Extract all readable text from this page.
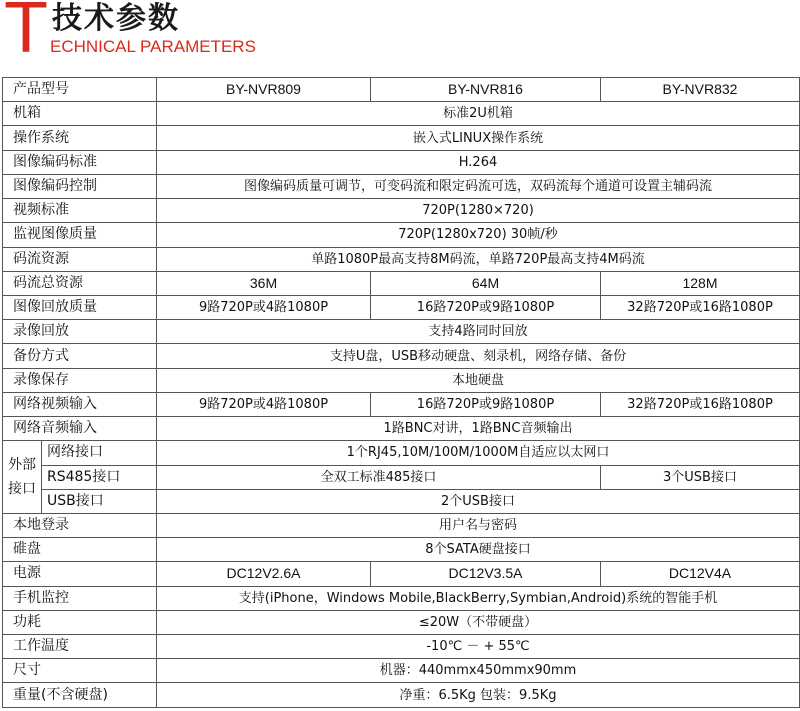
T 技术参数
ECHNICAL PARAMETERS
产品型号		BY-NVR809	BY-NVR816	BY-NVR832
机箱		标准2U机箱		
操作系统		嵌入式LINUX操作系统		
图像编码标准		H.264		
图像编码控制		图像编码质量可调节，可变码流和限定码流可选，双码流每个通道可设置主辅码流		
视频标准		720P(1280×720)		
监视图像质量		720P(1280x720) 30帧/秒		
码流资源		单路1080P最高支持8M码流，单路720P最高支持4M码流		
码流总资源		36M	64M	128M
图像回放质量		9路720P或4路1080P	16路720P或9路1080P	32路720P或16路1080P
录像回放		支持4路同时回放		
备份方式		支持U盘，USB移动硬盘、刻录机，网络存储、备份		
录像保存		本地硬盘		
网络视频输入		9路720P或4路1080P	16路720P或9路1080P	32路720P或16路1080P
网络音频输入		1路BNC对讲，1路BNC音频输出		
外部接口	网络接口	1个RJ45,10M/100M/1000M自适应以太网口		
	RS485接口	全双工标准485接口		3个USB接口
	USB接口	2个USB接口		
本地登录		用户名与密码		
碓盘		8个SATA硬盘接口		
电源		DC12V2.6A	DC12V3.5A	DC12V4A
手机监控		支持(iPhone，Windows Mobile,BlackBerry,Symbian,Android)系统的智能手机		
功耗		≤20W（不带硬盘）		
工作温度		-10℃ － + 55℃		
尺寸		机器：440mmx450mmx90mm		
重量(不含硬盘)		净重：6.5Kg 包装：9.5Kg		
